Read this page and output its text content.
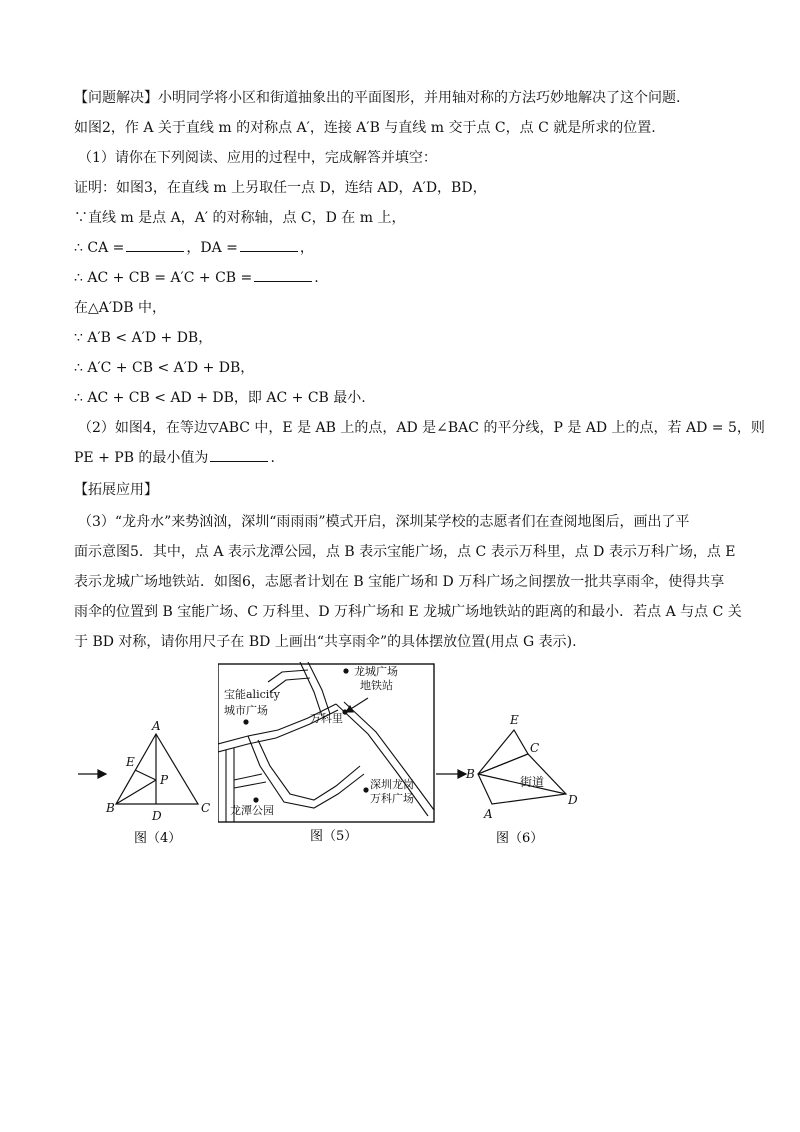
【问题解决】小明同学将小区和街道抽象出的平面图形，并用轴对称的方法巧妙地解决了这个问题.
如图2，作 A 关于直线 m 的对称点 A′，连接 A′B 与直线 m 交于点 C，点 C 就是所求的位置.
（1）请你在下列阅读、应用的过程中，完成解答并填空：
证明：如图3，在直线 m 上另取任一点 D，连结 AD，A′D，BD，
∵直线 m 是点 A，A′ 的对称轴，点 C，D 在 m 上，
∴ CA =	，DA =	，
∴ AC + CB = A′C + CB =	.
在△A′DB 中，
∵ A′B < A′D + DB，
∴ A′C + CB < A′D + DB，
∴ AC + CB < AD + DB，即 AC + CB 最小.
（2）如图4，在等边▽ABC 中，E 是 AB 上的点，AD 是∠BAC 的平分线，P 是 AD 上的点，若 AD = 5，则
PE + PB 的最小值为	.
【拓展应用】
（3）“龙舟水”来势汹汹，深圳“雨雨雨”模式开启，深圳某学校的志愿者们在查阅地图后，画出了平
面示意图5．其中，点 A 表示龙潭公园，点 B 表示宝能广场，点 C 表示万科里，点 D 表示万科广场，点 E
表示龙城广场地铁站．如图6，志愿者计划在 B 宝能广场和 D 万科广场之间摆放一批共享雨伞，使得共享
雨伞的位置到 B 宝能广场、C 万科里、D 万科广场和 E 龙城广场地铁站的距离的和最小．若点 A 与点 C 关
于 BD 对称，请你用尺子在 BD 上画出“共享雨伞”的具体摆放位置(用点 G 表示).
A
B	C
D
E
P
图（4）
龙城广场
地铁站
宝能alicity
城市广场
万科里
深圳龙岗
万科广场
龙潭公园
图（5）
E
C
B
D
A
街道
图（6）
